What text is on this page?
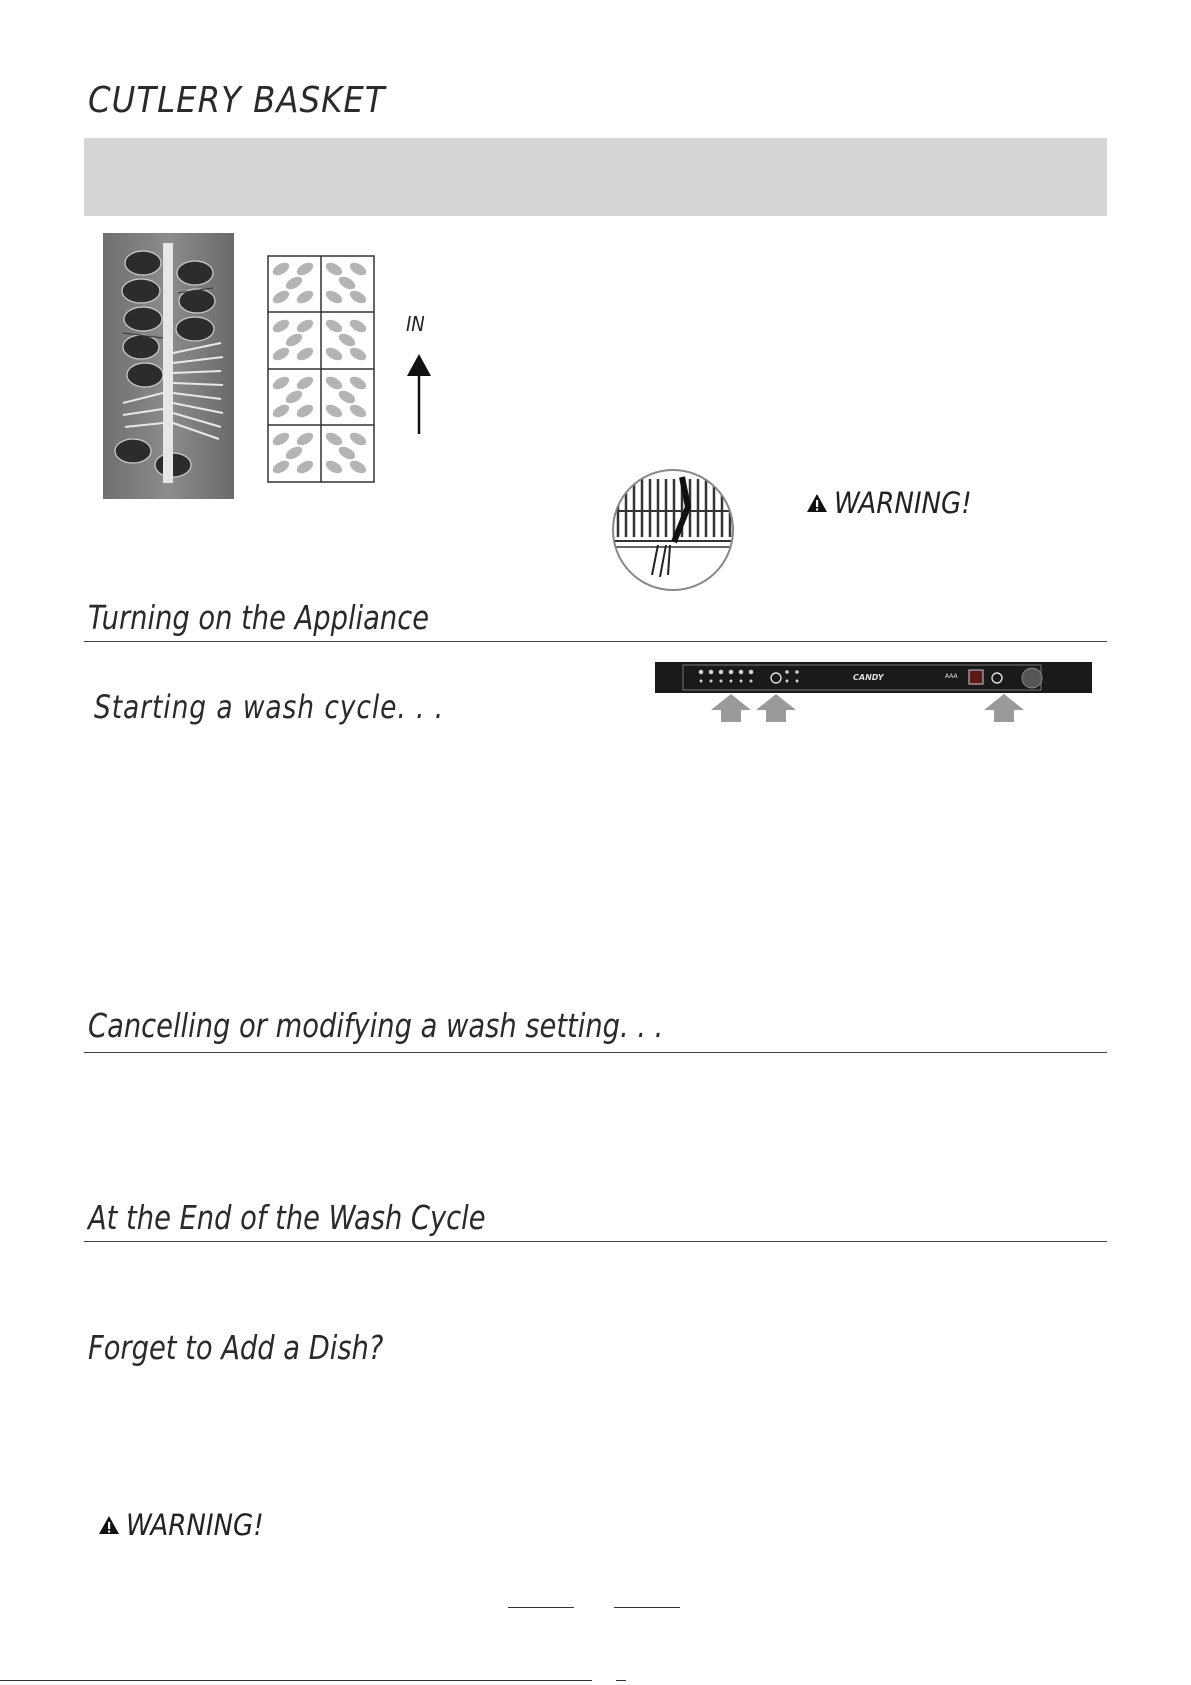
CUTLERY BASKET
IN
WARNING!
Turning on the Appliance
CANDY	AAA
Starting a wash cycle. . .
Cancelling or modifying a wash setting. . .
At the End of the Wash Cycle
Forget to Add a Dish?
WARNING!
